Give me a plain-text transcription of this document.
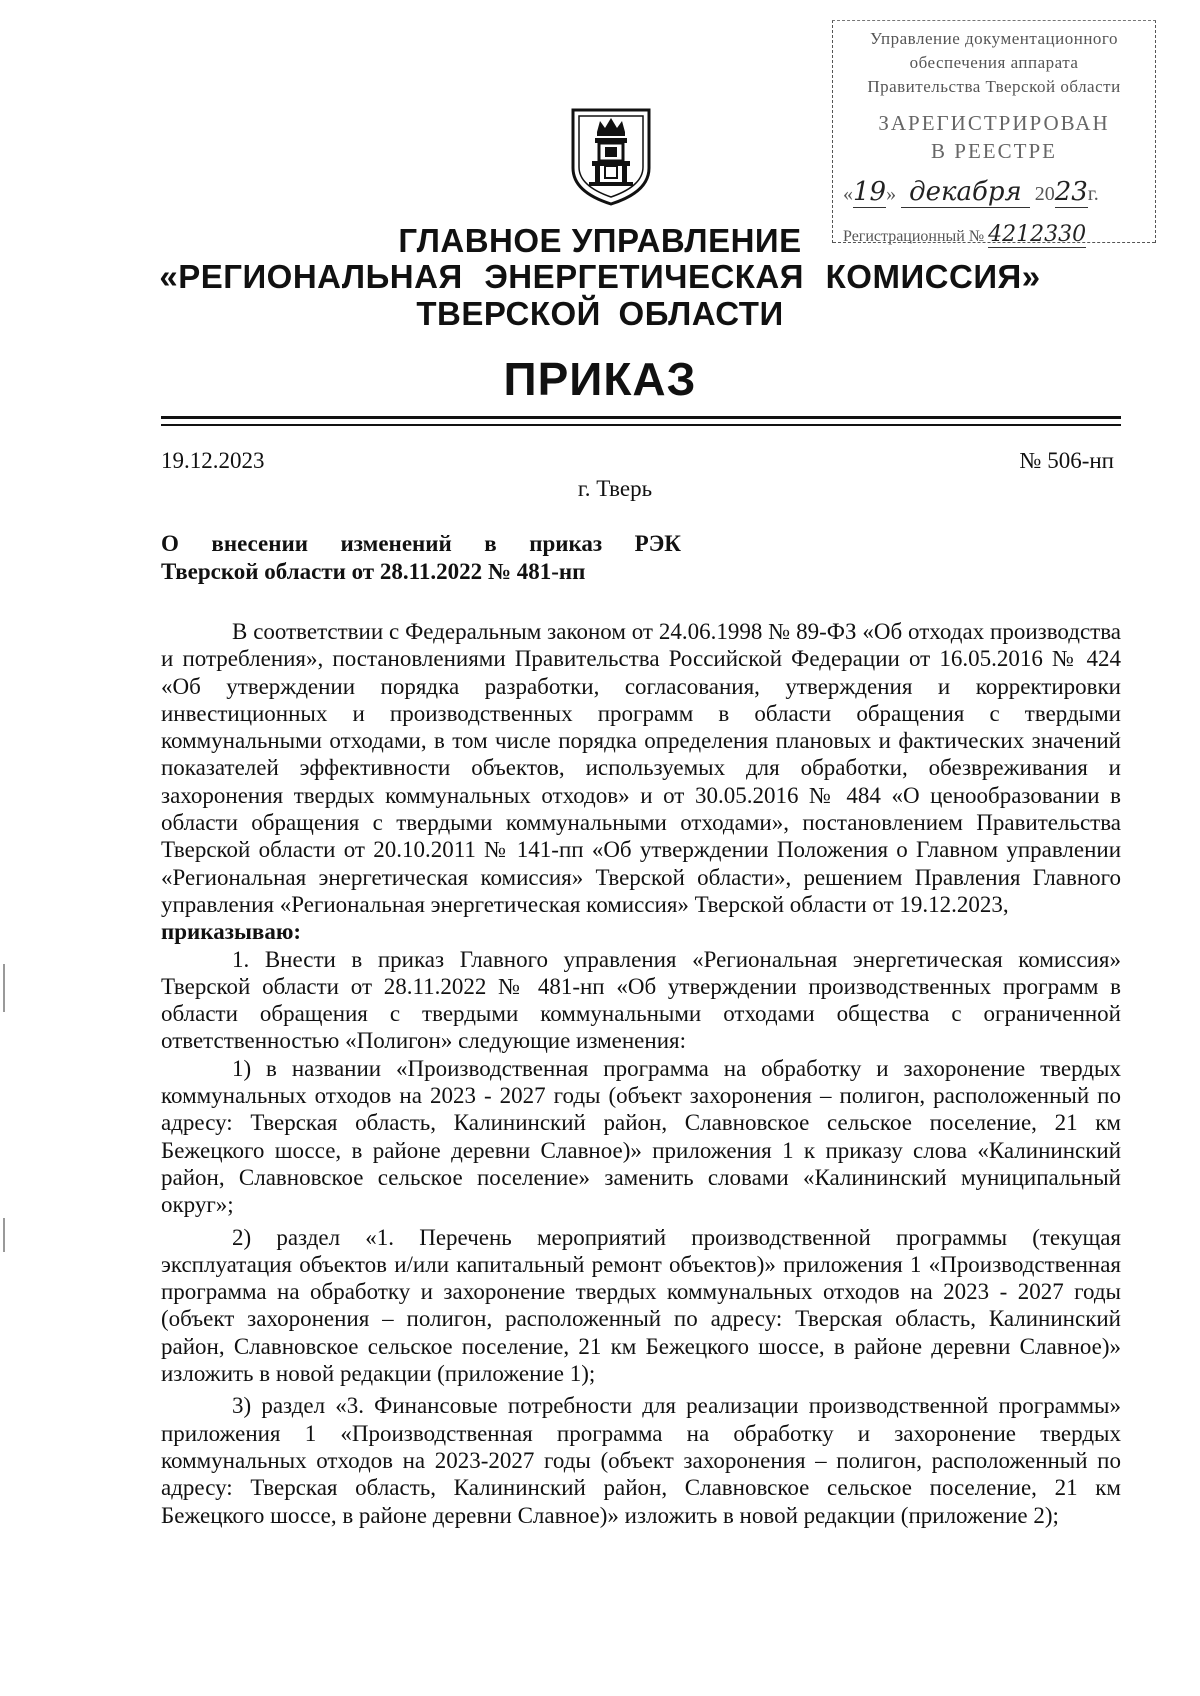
Управление документационного
обеспечения аппарата
Правительства Тверской области
ЗАРЕГИСТРИРОВАН
В РЕЕСТРЕ
«19» декабря 2023г.
Регистрационный № 4212330
ГЛАВНОЕ УПРАВЛЕНИЕ
«РЕГИОНАЛЬНАЯ ЭНЕРГЕТИЧЕСКАЯ КОМИССИЯ»
ТВЕРСКОЙ ОБЛАСТИ
ПРИКАЗ
19.12.2023	№ 506-нп
г. Тверь
О внесении изменений в приказ РЭК
Тверской области от 28.11.2022 № 481-нп

В соответствии с Федеральным законом от 24.06.1998 № 89-ФЗ «Об отходах производства и потребления», постановлениями Правительства Российской Федерации от 16.05.2016 № 424 «Об утверждении порядка разработки, согласования, утверждения и корректировки инвестиционных и производственных программ в области обращения с твердыми коммунальными отходами, в том числе порядка определения плановых и фактических значений показателей эффективности объектов, используемых для обработки, обезвреживания и захоронения твердых коммунальных отходов» и от 30.05.2016 № 484 «О ценообразовании в области обращения с твердыми коммунальными отходами», постановлением Правительства Тверской области от 20.10.2011 № 141-пп «Об утверждении Положения о Главном управлении «Региональная энергетическая комиссия» Тверской области», решением Правления Главного управления «Региональная энергетическая комиссия» Тверской области от 19.12.2023,

приказываю:

1. Внести в приказ Главного управления «Региональная энергетическая комиссия» Тверской области от 28.11.2022 № 481-нп «Об утверждении производственных программ в области обращения с твердыми коммунальными отходами общества с ограниченной ответственностью «Полигон» следующие изменения:

1) в названии «Производственная программа на обработку и захоронение твердых коммунальных отходов на 2023 - 2027 годы (объект захоронения – полигон, расположенный по адресу: Тверская область, Калининский район, Славновское сельское поселение, 21 км Бежецкого шоссе, в районе деревни Славное)» приложения 1 к приказу слова «Калининский район, Славновское сельское поселение» заменить словами «Калининский муниципальный округ»;

2) раздел «1. Перечень мероприятий производственной программы (текущая эксплуатация объектов и/или капитальный ремонт объектов)» приложения 1 «Производственная программа на обработку и захоронение твердых коммунальных отходов на 2023 - 2027 годы (объект захоронения – полигон, расположенный по адресу: Тверская область, Калининский район, Славновское сельское поселение, 21 км Бежецкого шоссе, в районе деревни Славное)» изложить в новой редакции (приложение 1);

3) раздел «3. Финансовые потребности для реализации производственной программы» приложения 1 «Производственная программа на обработку и захоронение твердых коммунальных отходов на 2023-2027 годы (объект захоронения – полигон, расположенный по адресу: Тверская область, Калининский район, Славновское сельское поселение, 21 км Бежецкого шоссе, в районе деревни Славное)» изложить в новой редакции (приложение 2);
